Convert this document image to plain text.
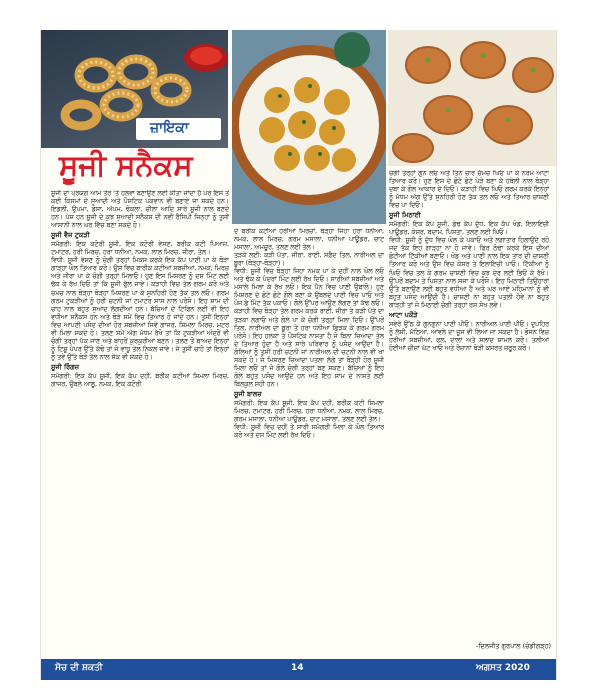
ਜ਼ਾਇਕਾ
ਸੂਜੀ ਸਨੈਕਸ

ਸੂਜੀ ਦਾ ਪ੍ਰਯੋਗ ਆਮ ਤੌਰ 'ਤੇ ਹਲਵਾ ਬਣਾਉਣ ਲਈ ਕੀਤਾ ਜਾਂਦਾ ਹੈ ਪਰ ਇਸ ਤੋਂ ਕਈ ਕਿਸਮਾਂ ਦੇ ਸੁਆਦੀ ਅਤੇ ਪੌਸ਼ਟਿਕ ਪਕਵਾਨ ਵੀ ਬਣਾਏ ਜਾ ਸਕਦੇ ਹਨ। ਇਡਲੀ, ਉਪਮਾ, ਡੋਸਾ, ਅੱਪਮ, ਢੋਕਲਾ, ਚੀਲਾ ਆਦਿ ਸਾਰੇ ਸੂਜੀ ਨਾਲ ਬਣਦੇ ਹਨ। ਪੇਸ਼ ਹਨ ਸੂਜੀ ਦੇ ਕੁਝ ਸੁਆਦੀ ਸਨੈਕਸ ਦੀ ਨਵੀਂ ਰੈਸਿਪੀ ਜਿਨ੍ਹਾਂ ਨੂੰ ਤੁਸੀਂ ਆਸਾਨੀ ਨਾਲ ਘਰ ਵਿੱਚ ਬਣਾ ਸਕਦੇ ਹੋ।

ਸੂਜੀ ਵੈਜ ਟੁਕੜੀ

ਸਮੱਗਰੀ: ਇਕ ਕਟੋਰੀ ਸੂਜੀ, ਇਕ ਕਟੋਰੀ ਵੇਸਣ, ਬਰੀਕ ਕਟੀ ਪਿਆਜ਼, ਟਮਾਟਰ, ਹਰੀ ਮਿਰਚ, ਹਰਾ ਧਨੀਆ, ਨਮਕ, ਲਾਲ ਮਿਰਚ, ਜੀਰਾ, ਤੇਲ।

ਵਿਧੀ: ਸੂਜੀ ਵੇਸਣ ਨੂੰ ਚੰਗੀ ਤਰ੍ਹਾਂ ਮਿਕਸ ਕਰਕੇ ਇਕ ਕੱਪ ਪਾਣੀ ਪਾ ਕੇ ਥੋੜਾ ਗਾੜ੍ਹਾ ਘੋਲ ਤਿਆਰ ਕਰੋ। ਉਸ ਵਿਚ ਬਾਰੀਕ ਕਟੀਆਂ ਸਬਜ਼ੀਆਂ, ਨਮਕ, ਮਿਰਚ ਅਤੇ ਜੀਰਾ ਪਾ ਕੇ ਚੰਗੀ ਤਰ੍ਹਾਂ ਮਿਲਾਓ। ਹੁਣ ਇਸ ਮਿਸ਼ਰਣ ਨੂੰ ਦਸ ਮਿੰਟ ਲਈ ਢੱਕ ਕੇ ਰੱਖ ਦਿਓ ਤਾਂ ਕਿ ਸੂਜੀ ਫੁੱਲ ਜਾਵੇ। ਕੜਾਹੀ ਵਿਚ ਤੇਲ ਗਰਮ ਕਰੋ ਅਤੇ ਚਮਚ ਨਾਲ ਥੋੜ੍ਹਾ ਥੋੜ੍ਹਾ ਮਿਸ਼ਰਣ ਪਾ ਕੇ ਸੁਨਹਿਰੀ ਹੋਣ ਤੱਕ ਤਲ ਲਓ। ਗਰਮ ਗਰਮ ਟੁਕੜੀਆਂ ਨੂੰ ਹਰੀ ਚਟਨੀ ਜਾਂ ਟਮਾਟਰ ਸਾਸ ਨਾਲ ਪਰੋਸੋ। ਇਹ ਸ਼ਾਮ ਦੀ ਚਾਹ ਨਾਲ ਬਹੁਤ ਸੁਆਦ ਲੱਗਦੀਆਂ ਹਨ। ਬੱਚਿਆਂ ਦੇ ਟਿਫਿਨ ਲਈ ਵੀ ਇਹ ਵਧੀਆ ਸਨੈਕਸ ਹਨ ਅਤੇ ਥੋੜੇ ਸਮੇਂ ਵਿਚ ਤਿਆਰ ਹੋ ਜਾਂਦੇ ਹਨ। ਤੁਸੀਂ ਇਨ੍ਹਾਂ ਵਿਚ ਆਪਣੀ ਪਸੰਦ ਦੀਆਂ ਹੋਰ ਸਬਜ਼ੀਆਂ ਜਿਵੇਂ ਗਾਜਰ, ਸ਼ਿਮਲਾ ਮਿਰਚ, ਮਟਰ ਵੀ ਮਿਲਾ ਸਕਦੇ ਹੋ। ਤਲਣ ਸਮੇਂ ਅੱਗ ਮੱਧਮ ਰੱਖੋ ਤਾਂ ਕਿ ਟੁਕੜੀਆਂ ਅੰਦਰੋਂ ਵੀ ਚੰਗੀ ਤਰ੍ਹਾਂ ਪੱਕ ਜਾਣ ਅਤੇ ਬਾਹਰੋਂ ਕੁਰਕੁਰੀਆਂ ਬਣਨ। ਤਲਣ ਤੋਂ ਬਾਅਦ ਇਨ੍ਹਾਂ ਨੂੰ ਟਿਸ਼ੂ ਪੇਪਰ ਉੱਤੇ ਕੱਢੋ ਤਾਂ ਜੋ ਵਾਧੂ ਤੇਲ ਨਿਕਲ ਜਾਵੇ। ਜੇ ਤੁਸੀਂ ਚਾਹੋ ਤਾਂ ਇਨ੍ਹਾਂ ਨੂੰ ਤਵੇ ਉੱਤੇ ਥੋੜੇ ਤੇਲ ਨਾਲ ਸੇਕ ਵੀ ਸਕਦੇ ਹੋ।

ਸੂਜੀ ਰਿੰਗਜ਼

ਸਮੱਗਰੀ: ਇਕ ਕੱਪ ਸੂਜੀ, ਇਕ ਕੱਪ ਦਹੀਂ, ਬਰੀਕ ਕਟੀਆਂ ਸ਼ਿਮਲਾ ਮਿਰਚ, ਗਾਜਰ, ਉਬਲੇ ਆਲੂ, ਨਮਕ, ਇਕ ਕਟੋਰੀ

ਦੋ ਬਰੀਕ ਕਟੀਆਂ ਹਰੀਆਂ ਮਿਰਚਾਂ, ਥੋੜ੍ਹਾ ਜਿਹਾ ਹਰਾ ਧਨੀਆ, ਨਮਕ, ਲਾਲ ਮਿਰਚ, ਗਰਮ ਮਸਾਲਾ, ਧਨੀਆ ਪਾਊਡਰ, ਚਾਟ ਮਸਾਲਾ, ਅਮਚੂਰ, ਤਲਣ ਲਈ ਤੇਲ।

ਤੜਕੇ ਲਈ: ਕੜੀ ਪੱਤਾ, ਜੀਰਾ, ਰਾਈ, ਸਫ਼ੈਦ ਤਿਲ, ਨਾਰੀਅਲ ਦਾ ਬੂਰਾ (ਥੋੜ੍ਹਾ-ਥੋੜ੍ਹਾ)।

ਵਿਧੀ: ਸੂਜੀ ਵਿਚ ਥੋੜ੍ਹਾ ਜਿਹਾ ਨਮਕ ਪਾ ਕੇ ਦਹੀਂ ਨਾਲ ਘੋਲ ਲਓ ਅਤੇ ਢੱਕ ਕੇ ਪੰਦਰਾਂ ਮਿੰਟ ਲਈ ਰੱਖ ਦਿਓ। ਸਾਰੀਆਂ ਸਬਜ਼ੀਆਂ ਅਤੇ ਮਸਾਲੇ ਮਿਲਾ ਕੇ ਰੱਖ ਲਓ। ਇਕ ਪੈਨ ਵਿਚ ਪਾਣੀ ਉਬਾਲੋ। ਹੁਣ ਮਿਸ਼ਰਣ ਦੇ ਛੋਟੇ ਛੋਟੇ ਗੋਲੇ ਬਣਾ ਕੇ ਉਬਲਦੇ ਪਾਣੀ ਵਿਚ ਪਾਓ ਅਤੇ ਪੰਜ ਛੇ ਮਿੰਟ ਤੱਕ ਪਕਾਓ। ਗੋਲੇ ਉੱਪਰ ਆਉਣ ਲੱਗਣ ਤਾਂ ਕੱਢ ਲਓ। ਕੜਾਹੀ ਵਿਚ ਥੋੜ੍ਹਾ ਤੇਲ ਗਰਮ ਕਰਕੇ ਰਾਈ, ਜੀਰਾ ਤੇ ਕੜੀ ਪੱਤੇ ਦਾ ਤੜਕਾ ਲਗਾਓ ਅਤੇ ਗੋਲੇ ਪਾ ਕੇ ਚੰਗੀ ਤਰ੍ਹਾਂ ਮਿਲਾ ਦਿਓ। ਉੱਪਰੋਂ ਤਿਲ, ਨਾਰੀਅਲ ਦਾ ਬੂਰਾ ਤੇ ਹਰਾ ਧਨੀਆ ਛਿੜਕ ਕੇ ਗਰਮ ਗਰਮ ਪਰੋਸੋ। ਇਹ ਹਲਕਾ ਤੇ ਪੌਸ਼ਟਿਕ ਨਾਸ਼ਤਾ ਹੈ ਜੋ ਬਿਨਾ ਜ਼ਿਆਦਾ ਤੇਲ ਦੇ ਤਿਆਰ ਹੁੰਦਾ ਹੈ ਅਤੇ ਸਾਰੇ ਪਰਿਵਾਰ ਨੂੰ ਪਸੰਦ ਆਉਂਦਾ ਹੈ। ਗੋਲਿਆਂ ਨੂੰ ਤੁਸੀਂ ਹਰੀ ਚਟਨੀ ਜਾਂ ਨਾਰੀਅਲ ਦੀ ਚਟਨੀ ਨਾਲ ਵੀ ਖਾ ਸਕਦੇ ਹੋ। ਜੇ ਮਿਸ਼ਰਣ ਜ਼ਿਆਦਾ ਪਤਲਾ ਲੱਗੇ ਤਾਂ ਥੋੜ੍ਹੀ ਹੋਰ ਸੂਜੀ ਮਿਲਾ ਲਓ ਤਾਂ ਜੋ ਗੋਲੇ ਚੰਗੀ ਤਰ੍ਹਾਂ ਬਣ ਸਕਣ। ਬੱਚਿਆਂ ਨੂੰ ਇਹ ਗੋਲੇ ਬਹੁਤ ਪਸੰਦ ਆਉਂਦੇ ਹਨ ਅਤੇ ਇਹ ਸ਼ਾਮ ਦੇ ਨਾਸ਼ਤੇ ਲਈ ਬਿਲਕੁਲ ਸਹੀ ਹਨ।

ਸੂਜੀ ਬਾਲਜ਼

ਸਮੱਗਰੀ: ਇਕ ਕੱਪ ਸੂਜੀ, ਇਕ ਕੱਪ ਦਹੀਂ, ਬਰੀਕ ਕਟੀ ਸ਼ਿਮਲਾ ਮਿਰਚ, ਟਮਾਟਰ, ਹਰੀ ਮਿਰਚ, ਹਰਾ ਧਨੀਆ, ਨਮਕ, ਲਾਲ ਮਿਰਚ, ਗਰਮ ਮਸਾਲਾ, ਧਨੀਆ ਪਾਊਡਰ, ਚਾਟ ਮਸਾਲਾ, ਤਲਣ ਲਈ ਤੇਲ।

ਵਿਧੀ: ਸੂਜੀ ਵਿਚ ਦਹੀਂ ਤੇ ਸਾਰੀ ਸਮੱਗਰੀ ਮਿਲਾ ਕੇ ਘੋਲ ਤਿਆਰ ਕਰੋ ਅਤੇ ਦਸ ਮਿੰਟ ਲਈ ਰੱਖ ਦਿਓ।

ਚੰਗੀ ਤਰ੍ਹਾਂ ਗੁੰਨ ਲਓ ਅਤੇ ਤਿੰਨ ਚਾਰ ਚੱਮਚ ਘਿਓ ਪਾ ਕੇ ਨਰਮ ਆਟਾ ਤਿਆਰ ਕਰੋ। ਹੁਣ ਇਸ ਦੇ ਛੋਟੇ ਛੋਟੇ ਪੇੜੇ ਬਣਾ ਕੇ ਹਥੇਲੀ ਨਾਲ ਥੋੜ੍ਹਾ ਦਬਾ ਕੇ ਗੋਲ ਆਕਾਰ ਦੇ ਦਿਓ। ਕੜਾਹੀ ਵਿਚ ਘਿਓ ਗਰਮ ਕਰਕੇ ਇਨ੍ਹਾਂ ਨੂੰ ਮੱਧਮ ਅੱਗ ਉੱਤੇ ਸੁਨਹਿਰੀ ਹੋਣ ਤੱਕ ਤਲ ਲਓ ਅਤੇ ਤਿਆਰ ਚਾਸ਼ਣੀ ਵਿਚ ਪਾ ਦਿਓ।

ਸੂਜੀ ਮਿਠਾਈ

ਸਮੱਗਰੀ: ਇਕ ਕੱਪ ਸੂਜੀ, ਡੇਢ ਕੱਪ ਦੁੱਧ, ਇਕ ਕੱਪ ਖੰਡ, ਇਲਾਇਚੀ ਪਾਊਡਰ, ਕੇਸਰ, ਬਦਾਮ, ਪਿਸਤਾ, ਤਲਣ ਲਈ ਘਿਓ।

ਵਿਧੀ: ਸੂਜੀ ਨੂੰ ਦੁੱਧ ਵਿਚ ਘੋਲ ਕੇ ਪਕਾਓ ਅਤੇ ਲਗਾਤਾਰ ਹਿਲਾਉਂਦੇ ਰਹੋ ਜਦ ਤੱਕ ਇਹ ਗਾੜ੍ਹਾ ਨਾ ਹੋ ਜਾਵੇ। ਫਿਰ ਠੰਢਾ ਕਰਕੇ ਇਸ ਦੀਆਂ ਛੋਟੀਆਂ ਟਿੱਕੀਆਂ ਬਣਾਓ। ਖੰਡ ਅਤੇ ਪਾਣੀ ਨਾਲ ਇਕ ਤਾਰ ਦੀ ਚਾਸ਼ਣੀ ਤਿਆਰ ਕਰੋ ਅਤੇ ਉਸ ਵਿਚ ਕੇਸਰ ਤੇ ਇਲਾਇਚੀ ਪਾਓ। ਟਿੱਕੀਆਂ ਨੂੰ ਘਿਓ ਵਿਚ ਤਲ ਕੇ ਗਰਮ ਚਾਸ਼ਣੀ ਵਿਚ ਕੁਝ ਦੇਰ ਲਈ ਭਿਓਂ ਕੇ ਰੱਖੋ। ਉੱਪਰੋਂ ਬਦਾਮ ਤੇ ਪਿਸਤਾ ਨਾਲ ਸਜਾ ਕੇ ਪਰੋਸੋ। ਇਹ ਮਿਠਾਈ ਤਿਉਹਾਰਾਂ ਉੱਤੇ ਬਣਾਉਣ ਲਈ ਬਹੁਤ ਵਧੀਆ ਹੈ ਅਤੇ ਘਰ ਆਏ ਮਹਿਮਾਨਾਂ ਨੂੰ ਵੀ ਬਹੁਤ ਪਸੰਦ ਆਉਂਦੀ ਹੈ। ਚਾਸ਼ਣੀ ਨਾ ਬਹੁਤ ਪਤਲੀ ਹੋਵੇ ਨਾ ਬਹੁਤ ਗਾੜ੍ਹੀ ਤਾਂ ਜੋ ਮਿਠਾਈ ਚੰਗੀ ਤਰ੍ਹਾਂ ਰਸ ਸੋਖ ਲਵੇ।

ਆਟਾ ਪਕੌੜੇ

ਸਵੇਰੇ ਉੱਠ ਕੇ ਗੁਨਗੁਨਾ ਪਾਣੀ ਪੀਓ। ਨਾਰੀਅਲ ਪਾਣੀ ਪੀਓ। ਦੁਪਹਿਰ ਨੂੰ ਲੱਸੀ, ਮੱਠਿਆਂ, ਆਂਵਲੇ ਦਾ ਜੂਸ ਵੀ ਲਿਆ ਜਾ ਸਕਦਾ ਹੈ। ਭੋਜਨ ਵਿਚ ਹਰੀਆਂ ਸਬਜ਼ੀਆਂ, ਫਲ, ਦਾਲਾਂ ਅਤੇ ਸਲਾਦ ਸ਼ਾਮਲ ਕਰੋ। ਤਲੀਆਂ ਹੋਈਆਂ ਚੀਜ਼ਾਂ ਘੱਟ ਖਾਓ ਅਤੇ ਰੋਜ਼ਾਨਾ ਥੋੜੀ ਕਸਰਤ ਜ਼ਰੂਰ ਕਰੋ।

-ਦਿਲਜੀਤ ਗੁਰਪਾਲ (ਚੰਡੀਗੜ੍ਹ)
ਸੋਚ ਦੀ ਸ਼ਕਤੀ	14	ਅਗਸਤ 2020
